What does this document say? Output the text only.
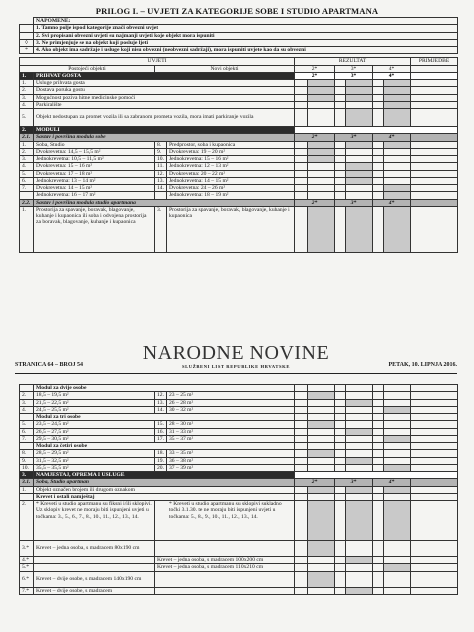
PRILOG I. – UVJETI ZA KATEGORIJE SOBE I STUDIO APARTMANA
	NAPOMENE:									
	1. Tamno polje ispod kategorije znači obvezni uvjet									
	2. Svi propisani obvezni uvjeti su najmanji uvjeti koje objekt mora ispuniti									
◊	3. Ne primjenjuje se na objekt koji posluje ljeti									
*	4. Ako objekt ima sadržaje i usluge koji nisu obvezni (neobvezni sadržaji), mora ispuniti uvjete kao da su obvezni									

UVJETI				REZULTAT						PRIMJEDBE
Postojeći objekti		Novi objekti		2*		3*		4*		
1.	PRIHVAT GOSTA			2*		3*		4*		
1.	Usluge prihvata gosta									
2.	Dostava poruka gostu									
3.	Mogućnost poziva hitne medicinske pomoći									
4.	Parkiralište									
5.	Objekt nedostupan za promet vozila ili sa zabranom prometa vozila, mora imati parkiranje vozila									
2.	MODULI									
2.1.	Sastav i površina modula sobe			2*		3*		4*		
1.	Soba, Studio	8.	Predprostor, soba i kupaonica							
2.	Dvokrevetna: 14,5 – 15,5 m²	9.	Dvokrevetna: 19 – 20 m²							
3.	Jednokrevetna: 10,5 – 11,5 m²	10.	Jednokrevetna: 15 – 16 m²							
4.	Dvokrevetna: 15 – 16 m²	11.	Jednokrevetna: 12 – 13 m²							
5.	Dvokrevetna: 17 – 18 m²	12.	Dvokrevetna: 20 – 22 m²							
6.	Jednokrevetna: 13 – 14 m²	13.	Jednokrevetna: 14 – 15 m²							
7.	Dvokrevetna: 14 – 15 m²	14.	Dvokrevetna: 24 – 26 m²							
	Jednokrevetna: 16 – 17 m²		Jednokrevetna: 18 – 19 m²							
2.2.	Sastav i površina modula studio apartmana			2*		3*		4*		
1.	Prostorija za spavanje, boravak, blagovanje, kuhanje i kupaonica ili soba i odvojena prostorija za boravak, blagovanje, kuhanje i kupaonica	3.	Prostorija za spavanje, boravak, blagovanje, kuhanje i kupaonica							
STRANICA 64 – BROJ 54
NARODNE NOVINE
SLUŽBENI LIST REPUBLIKE HRVATSKE	PETAK, 10. LIPNJA 2016.
	Modul za dvije osobe									
2.	18,5 – 19,5 m²	12.	23 – 25 m²							
3.	21,5 – 22,5 m²	13.	26 – 28 m²							
4.	24,5 – 25,5 m²	14.	30 – 32 m²							
	Modul za tri osobe									
5.	23,5 – 24,5 m²	15.	28 – 30 m²							
6.	26,5 – 27,5 m²	16.	31 – 33 m²							
7.	29,5 – 30,5 m²	17.	35 – 37 m²							
	Modul za četiri osobe									
8.	28,5 – 29,5 m²	18.	33 – 35 m²							
9.	31,5 – 32,5 m²	19.	36 – 38 m²							
10.	35,5 – 35,5 m²	20.	37 – 39 m²							
3.	NAMJEŠTAJ, OPREMA I USLUGE									
3.1.	Soba, Studio apartman			2*		3*		4*		
1.	Objekt označen brojem ili drugom oznakom									
	Krevet i ostali namještaj									
2.	* Kreveti u studio apartmanu su fiksni i/ili sklopivi. Uz sklopiv krevet ne moraju biti ispunjeni uvjeti u točkama: 3., 5., 6., 7., 8., 10., 11., 12., 13., 14.	* Kreveti u studio apartmanu su sklopivi sukladno točki 3.1.30. te ne moraju biti ispunjeni uvjeti u točkama: 5., 8., 9., 10., 11., 12., 13., 14.								
3.*	Krevet – jedna osoba, s madracem 80x190 cm									
4.*		Krevet – jedna osoba, s madracem 100x200 cm								
5.*		Krevet – jedna osoba, s madracem 110x210 cm								
6.*	Krevet – dvije osobe, s madracem 140x190 cm									
7.*	Krevet – dvije osobe, s madracem									
